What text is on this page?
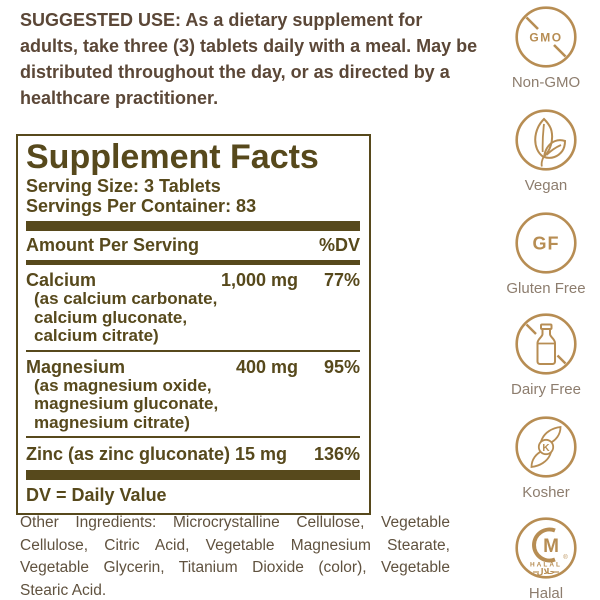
SUGGESTED USE: As a dietary supplement for adults, take three (3) tablets daily with a meal. May be distributed throughout the day, or as directed by a healthcare practitioner.

Supplement Facts
Serving Size: 3 Tablets
Servings Per Container: 83
Amount Per Serving	%DV
Calcium	1,000 mg	77%
(as calcium carbonate,
calcium gluconate,
calcium citrate)
Magnesium	400 mg	95%
(as magnesium oxide,
magnesium gluconate,
magnesium citrate)
Zinc (as zinc gluconate) 15 mg 136%
DV = Daily Value

Other Ingredients: Microcrystalline Cellulose, Vegetable Cellulose, Citric Acid, Vegetable Magnesium Stearate, Vegetable Glycerin, Titanium Dioxide (color), Vegetable Stearic Acid.

GMO
Non-GMO
Vegan
GF
Gluten Free
Dairy Free
K
Kosher
M
®
HALAL
حلال
Halal
